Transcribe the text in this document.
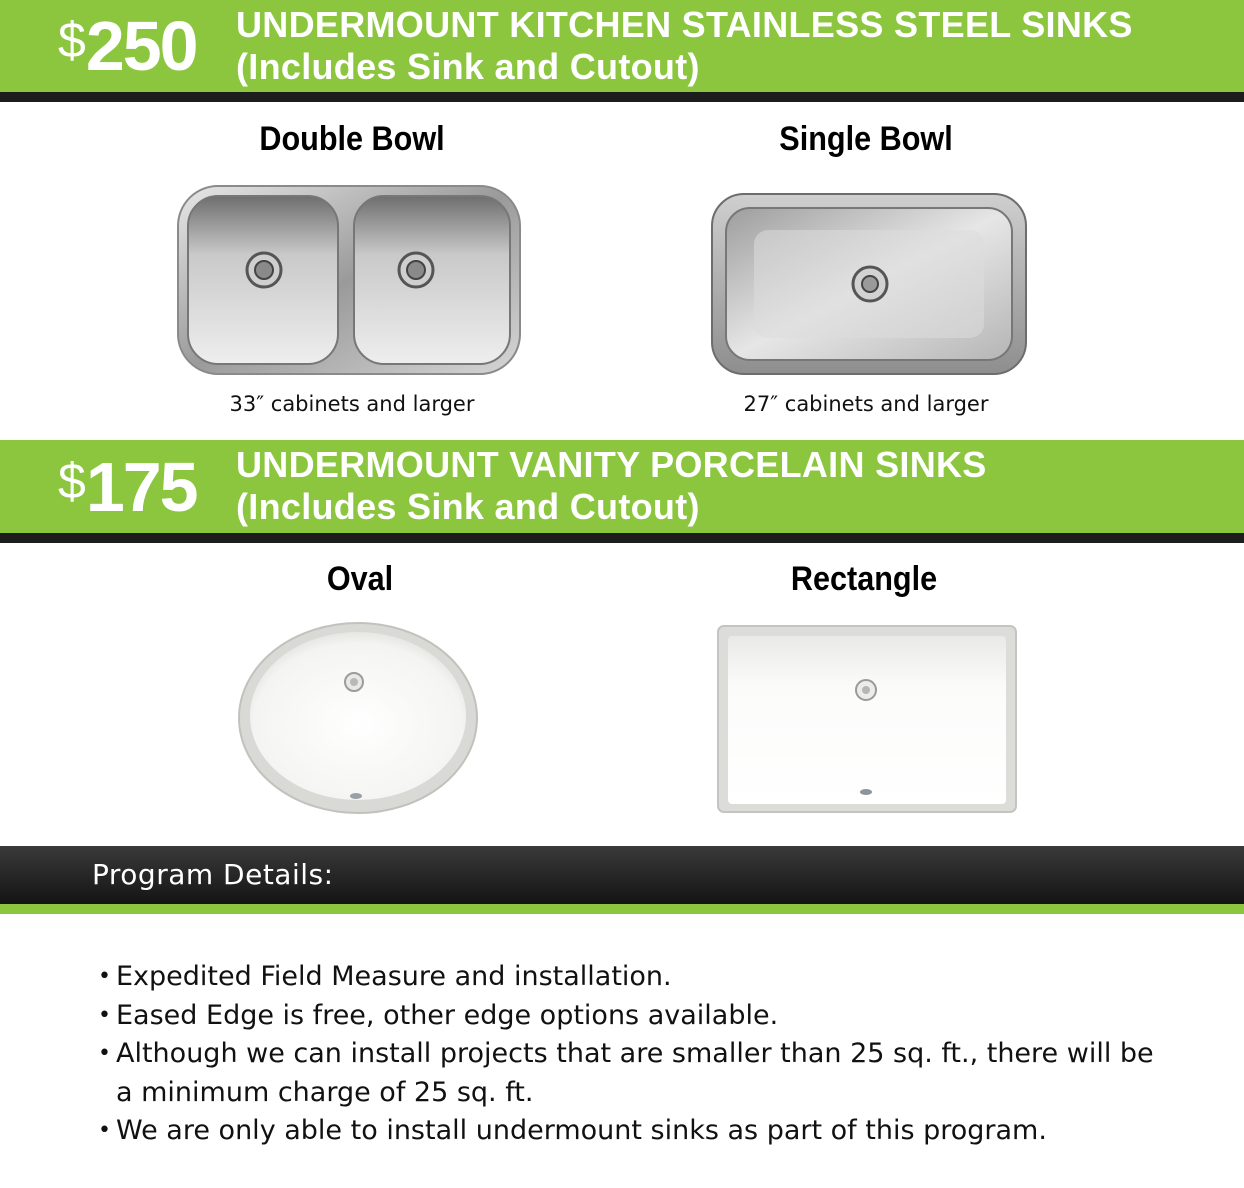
$ 250 UNDERMOUNT KITCHEN STAINLESS STEEL SINKS
(Includes Sink and Cutout)
Double Bowl
33″ cabinets and larger
Single Bowl
27″ cabinets and larger
$ 175 UNDERMOUNT VANITY PORCELAIN SINKS
(Includes Sink and Cutout)
Oval	Rectangle
Program Details:
• Expedited Field Measure and installation.
• Eased Edge is free, other edge options available.
• Although we can install projects that are smaller than 25 sq. ft., there will be a minimum charge of 25 sq. ft.
• We are only able to install undermount sinks as part of this program.
